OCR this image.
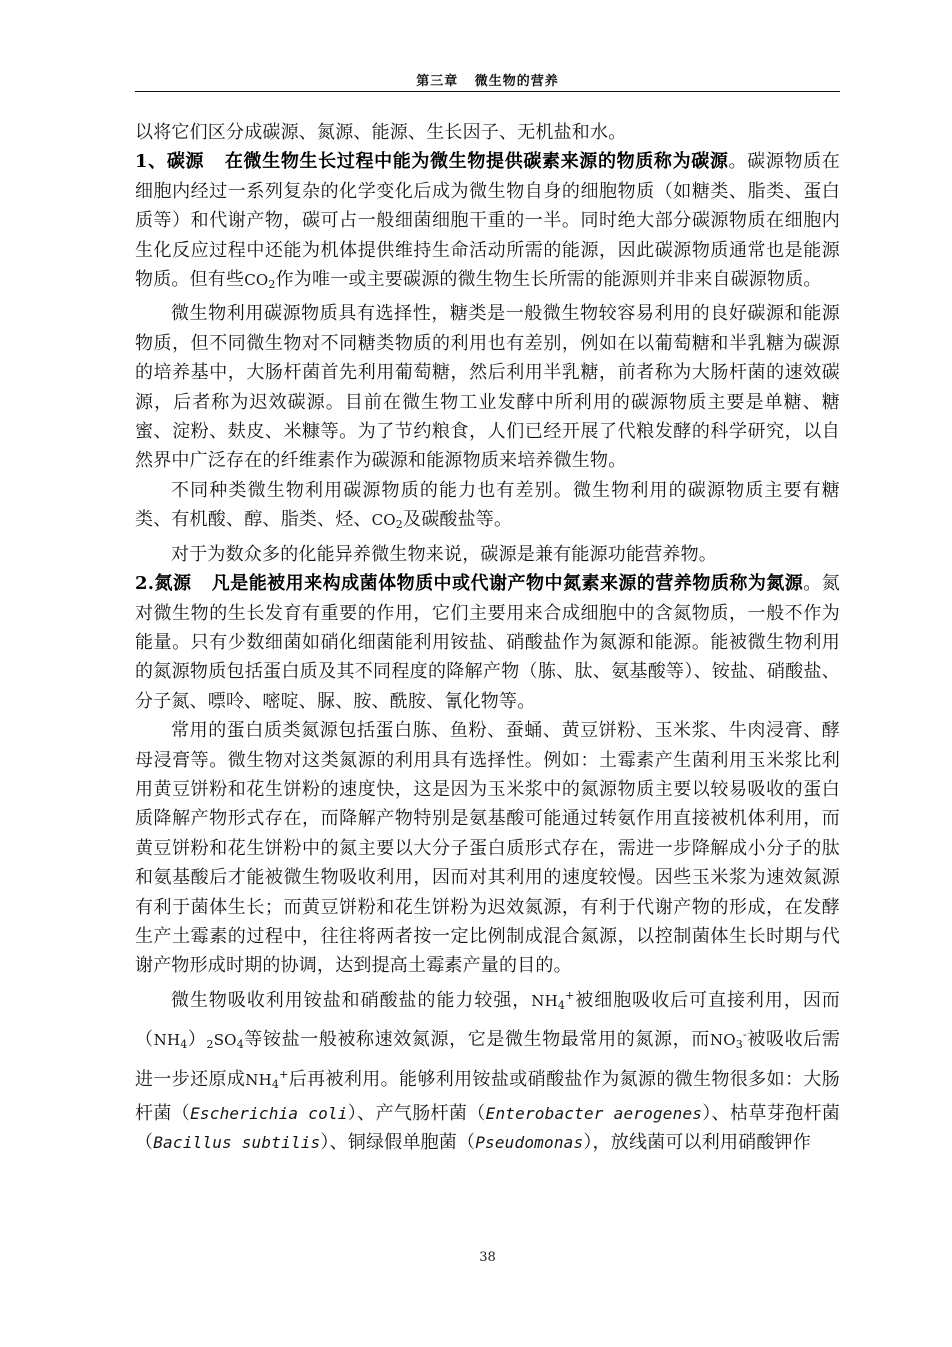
第三章 微生物的营养

以将它们区分成碳源、氮源、能源、生长因子、无机盐和水。

1、碳源 在微生物生长过程中能为微生物提供碳素来源的物质称为碳源。碳源物质在细胞内经过一系列复杂的化学变化后成为微生物自身的细胞物质（如糖类、脂类、蛋白质等）和代谢产物，碳可占一般细菌细胞干重的一半。同时绝大部分碳源物质在细胞内生化反应过程中还能为机体提供维持生命活动所需的能源，因此碳源物质通常也是能源物质。但有些$CO_2$作为唯一或主要碳源的微生物生长所需的能源则并非来自碳源物质。

微生物利用碳源物质具有选择性，糖类是一般微生物较容易利用的良好碳源和能源物质，但不同微生物对不同糖类物质的利用也有差别，例如在以葡萄糖和半乳糖为碳源的培养基中，大肠杆菌首先利用葡萄糖，然后利用半乳糖，前者称为大肠杆菌的速效碳源，后者称为迟效碳源。目前在微生物工业发酵中所利用的碳源物质主要是单糖、糖蜜、淀粉、麸皮、米糠等。为了节约粮食，人们已经开展了代粮发酵的科学研究，以自然界中广泛存在的纤维素作为碳源和能源物质来培养微生物。

不同种类微生物利用碳源物质的能力也有差别。微生物利用的碳源物质主要有糖类、有机酸、醇、脂类、烃、$CO_2$及碳酸盐等。

对于为数众多的化能异养微生物来说，碳源是兼有能源功能营养物。

2.氮源 凡是能被用来构成菌体物质中或代谢产物中氮素来源的营养物质称为氮源。氮对微生物的生长发育有重要的作用，它们主要用来合成细胞中的含氮物质，一般不作为能量。只有少数细菌如硝化细菌能利用铵盐、硝酸盐作为氮源和能源。能被微生物利用的氮源物质包括蛋白质及其不同程度的降解产物（胨、肽、氨基酸等）、铵盐、硝酸盐、分子氮、嘌呤、嘧啶、脲、胺、酰胺、氰化物等。

常用的蛋白质类氮源包括蛋白胨、鱼粉、蚕蛹、黄豆饼粉、玉米浆、牛肉浸膏、酵母浸膏等。微生物对这类氮源的利用具有选择性。例如：土霉素产生菌利用玉米浆比利用黄豆饼粉和花生饼粉的速度快，这是因为玉米浆中的氮源物质主要以较易吸收的蛋白质降解产物形式存在，而降解产物特别是氨基酸可能通过转氨作用直接被机体利用，而黄豆饼粉和花生饼粉中的氮主要以大分子蛋白质形式存在，需进一步降解成小分子的肽和氨基酸后才能被微生物吸收利用，因而对其利用的速度较慢。因些玉米浆为速效氮源有利于菌体生长；而黄豆饼粉和花生饼粉为迟效氮源，有利于代谢产物的形成，在发酵生产土霉素的过程中，往往将两者按一定比例制成混合氮源，以控制菌体生长时期与代谢产物形成时期的协调，达到提高土霉素产量的目的。

微生物吸收利用铵盐和硝酸盐的能力较强，$NH_4^+$被细胞吸收后可直接利用，因而$(NH_4)_2SO_4$等铵盐一般被称速效氮源，它是微生物最常用的氮源，而$NO_3^-$被吸收后需进一步还原成$NH_4^+$后再被利用。能够利用铵盐或硝酸盐作为氮源的微生物很多如：大肠杆菌（Escherichia coli）、产气肠杆菌（Enterobacter aerogenes）、枯草芽孢杆菌（Bacillus subtilis）、铜绿假单胞菌（Pseudomonas），放线菌可以利用硝酸钾作

38
